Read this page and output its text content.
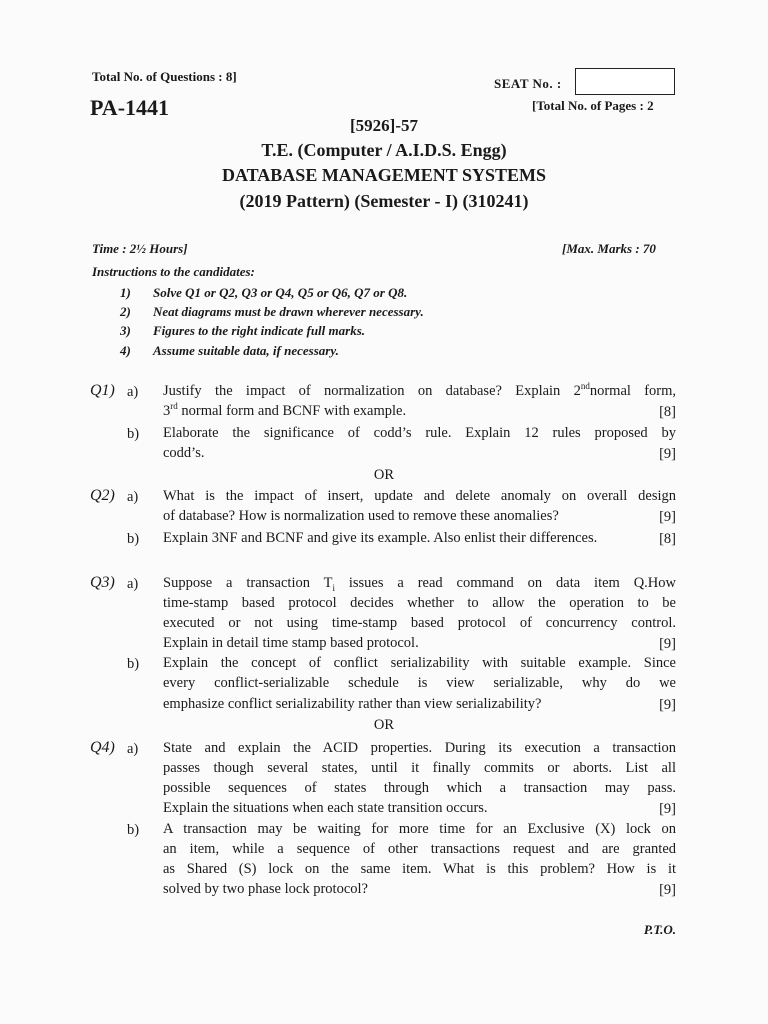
Total No. of Questions : 8]	SEAT No. :
PA-1441	[Total No. of Pages : 2
[5926]-57
T.E. (Computer / A.I.D.S. Engg)
DATABASE MANAGEMENT SYSTEMS
(2019 Pattern) (Semester - I) (310241)
Time : 2½ Hours]	[Max. Marks : 70
Instructions to the candidates:
1) Solve Q1 or Q2, Q3 or Q4, Q5 or Q6, Q7 or Q8.
2) Neat diagrams must be drawn wherever necessary.
3) Figures to the right indicate full marks.
4) Assume suitable data, if necessary.
Q1) a) Justify the impact of normalization on database? Explain 2ndnormal form,
3rd normal form and BCNF with example.	[8]
b) Elaborate the significance of codd’s rule. Explain 12 rules proposed by
codd’s.	[9]
OR
Q2) a) What is the impact of insert, update and delete anomaly on overall design
of database? How is normalization used to remove these anomalies?	[9]
b) Explain 3NF and BCNF and give its example. Also enlist their differences.	[8]
Q3) a) Suppose a transaction $T_i$ issues a read command on data item Q.How
time-stamp based protocol decides whether to allow the operation to be
executed or not using time-stamp based protocol of concurrency control.
Explain in detail time stamp based protocol.	[9]
b) Explain the concept of conflict serializability with suitable example. Since
every conflict-serializable schedule is view serializable, why do we
emphasize conflict serializability rather than view serializability?	[9]
OR
Q4) a) State and explain the ACID properties. During its execution a transaction
passes though several states, until it finally commits or aborts. List all
possible sequences of states through which a transaction may pass.
Explain the situations when each state transition occurs.	[9]
b) A transaction may be waiting for more time for an Exclusive (X) lock on
an item, while a sequence of other transactions request and are granted
as Shared (S) lock on the same item. What is this problem? How is it
solved by two phase lock protocol?	[9]
P.T.O.
